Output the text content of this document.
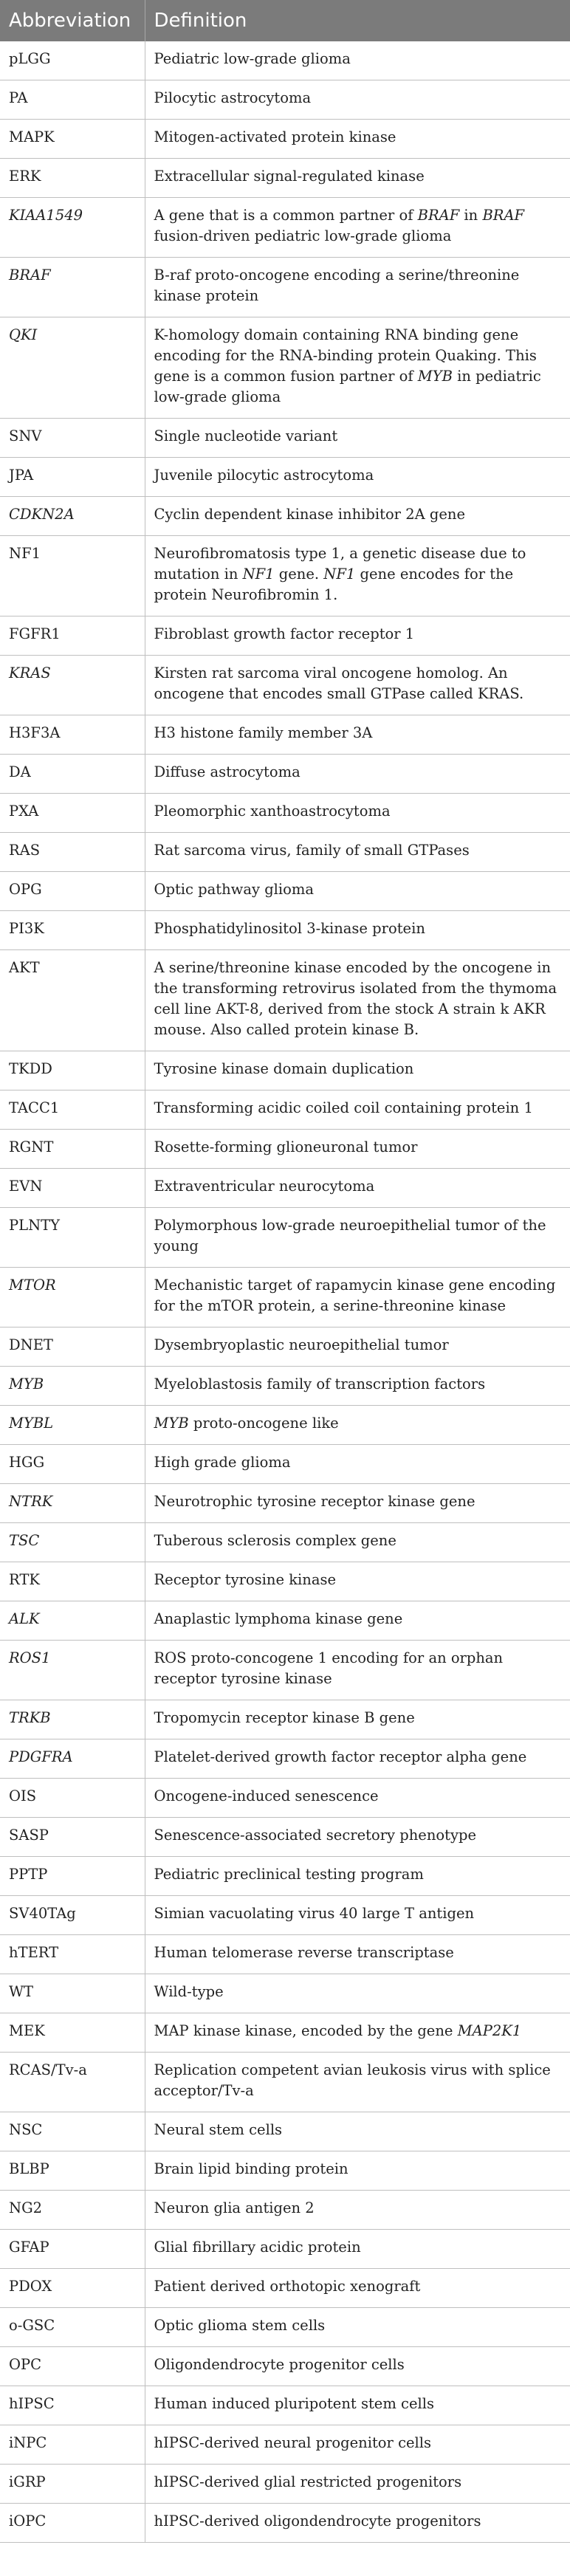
Abbreviation	Definition
pLGG	Pediatric low-grade glioma
PA	Pilocytic astrocytoma
MAPK	Mitogen-activated protein kinase
ERK	Extracellular signal-regulated kinase
KIAA1549	A gene that is a common partner of BRAF in BRAF fusion-driven pediatric low-grade glioma
BRAF	B-raf proto-oncogene encoding a serine/threonine kinase protein
QKI	K-homology domain containing RNA binding gene encoding for the RNA-binding protein Quaking. This gene is a common fusion partner of MYB in pediatric low-grade glioma
SNV	Single nucleotide variant
JPA	Juvenile pilocytic astrocytoma
CDKN2A	Cyclin dependent kinase inhibitor 2A gene
NF1	Neurofibromatosis type 1, a genetic disease due to mutation in NF1 gene. NF1 gene encodes for the protein Neurofibromin 1.
FGFR1	Fibroblast growth factor receptor 1
KRAS	Kirsten rat sarcoma viral oncogene homolog. An oncogene that encodes small GTPase called KRAS.
H3F3A	H3 histone family member 3A
DA	Diffuse astrocytoma
PXA	Pleomorphic xanthoastrocytoma
RAS	Rat sarcoma virus, family of small GTPases
OPG	Optic pathway glioma
PI3K	Phosphatidylinositol 3-kinase protein
AKT	A serine/threonine kinase encoded by the oncogene in the transforming retrovirus isolated from the thymoma cell line AKT-8, derived from the stock A strain k AKR mouse. Also called protein kinase B.
TKDD	Tyrosine kinase domain duplication
TACC1	Transforming acidic coiled coil containing protein 1
RGNT	Rosette-forming glioneuronal tumor
EVN	Extraventricular neurocytoma
PLNTY	Polymorphous low-grade neuroepithelial tumor of the young
MTOR	Mechanistic target of rapamycin kinase gene encoding for the mTOR protein, a serine-threonine kinase
DNET	Dysembryoplastic neuroepithelial tumor
MYB	Myeloblastosis family of transcription factors
MYBL	MYB proto-oncogene like
HGG	High grade glioma
NTRK	Neurotrophic tyrosine receptor kinase gene
TSC	Tuberous sclerosis complex gene
RTK	Receptor tyrosine kinase
ALK	Anaplastic lymphoma kinase gene
ROS1	ROS proto-concogene 1 encoding for an orphan receptor tyrosine kinase
TRKB	Tropomycin receptor kinase B gene
PDGFRA	Platelet-derived growth factor receptor alpha gene
OIS	Oncogene-induced senescence
SASP	Senescence-associated secretory phenotype
PPTP	Pediatric preclinical testing program
SV40TAg	Simian vacuolating virus 40 large T antigen
hTERT	Human telomerase reverse transcriptase
WT	Wild-type
MEK	MAP kinase kinase, encoded by the gene MAP2K1
RCAS/Tv-a	Replication competent avian leukosis virus with splice acceptor/Tv-a
NSC	Neural stem cells
BLBP	Brain lipid binding protein
NG2	Neuron glia antigen 2
GFAP	Glial fibrillary acidic protein
PDOX	Patient derived orthotopic xenograft
o-GSC	Optic glioma stem cells
OPC	Oligondendrocyte progenitor cells
hIPSC	Human induced pluripotent stem cells
iNPC	hIPSC-derived neural progenitor cells
iGRP	hIPSC-derived glial restricted progenitors
iOPC	hIPSC-derived oligondendrocyte progenitors
